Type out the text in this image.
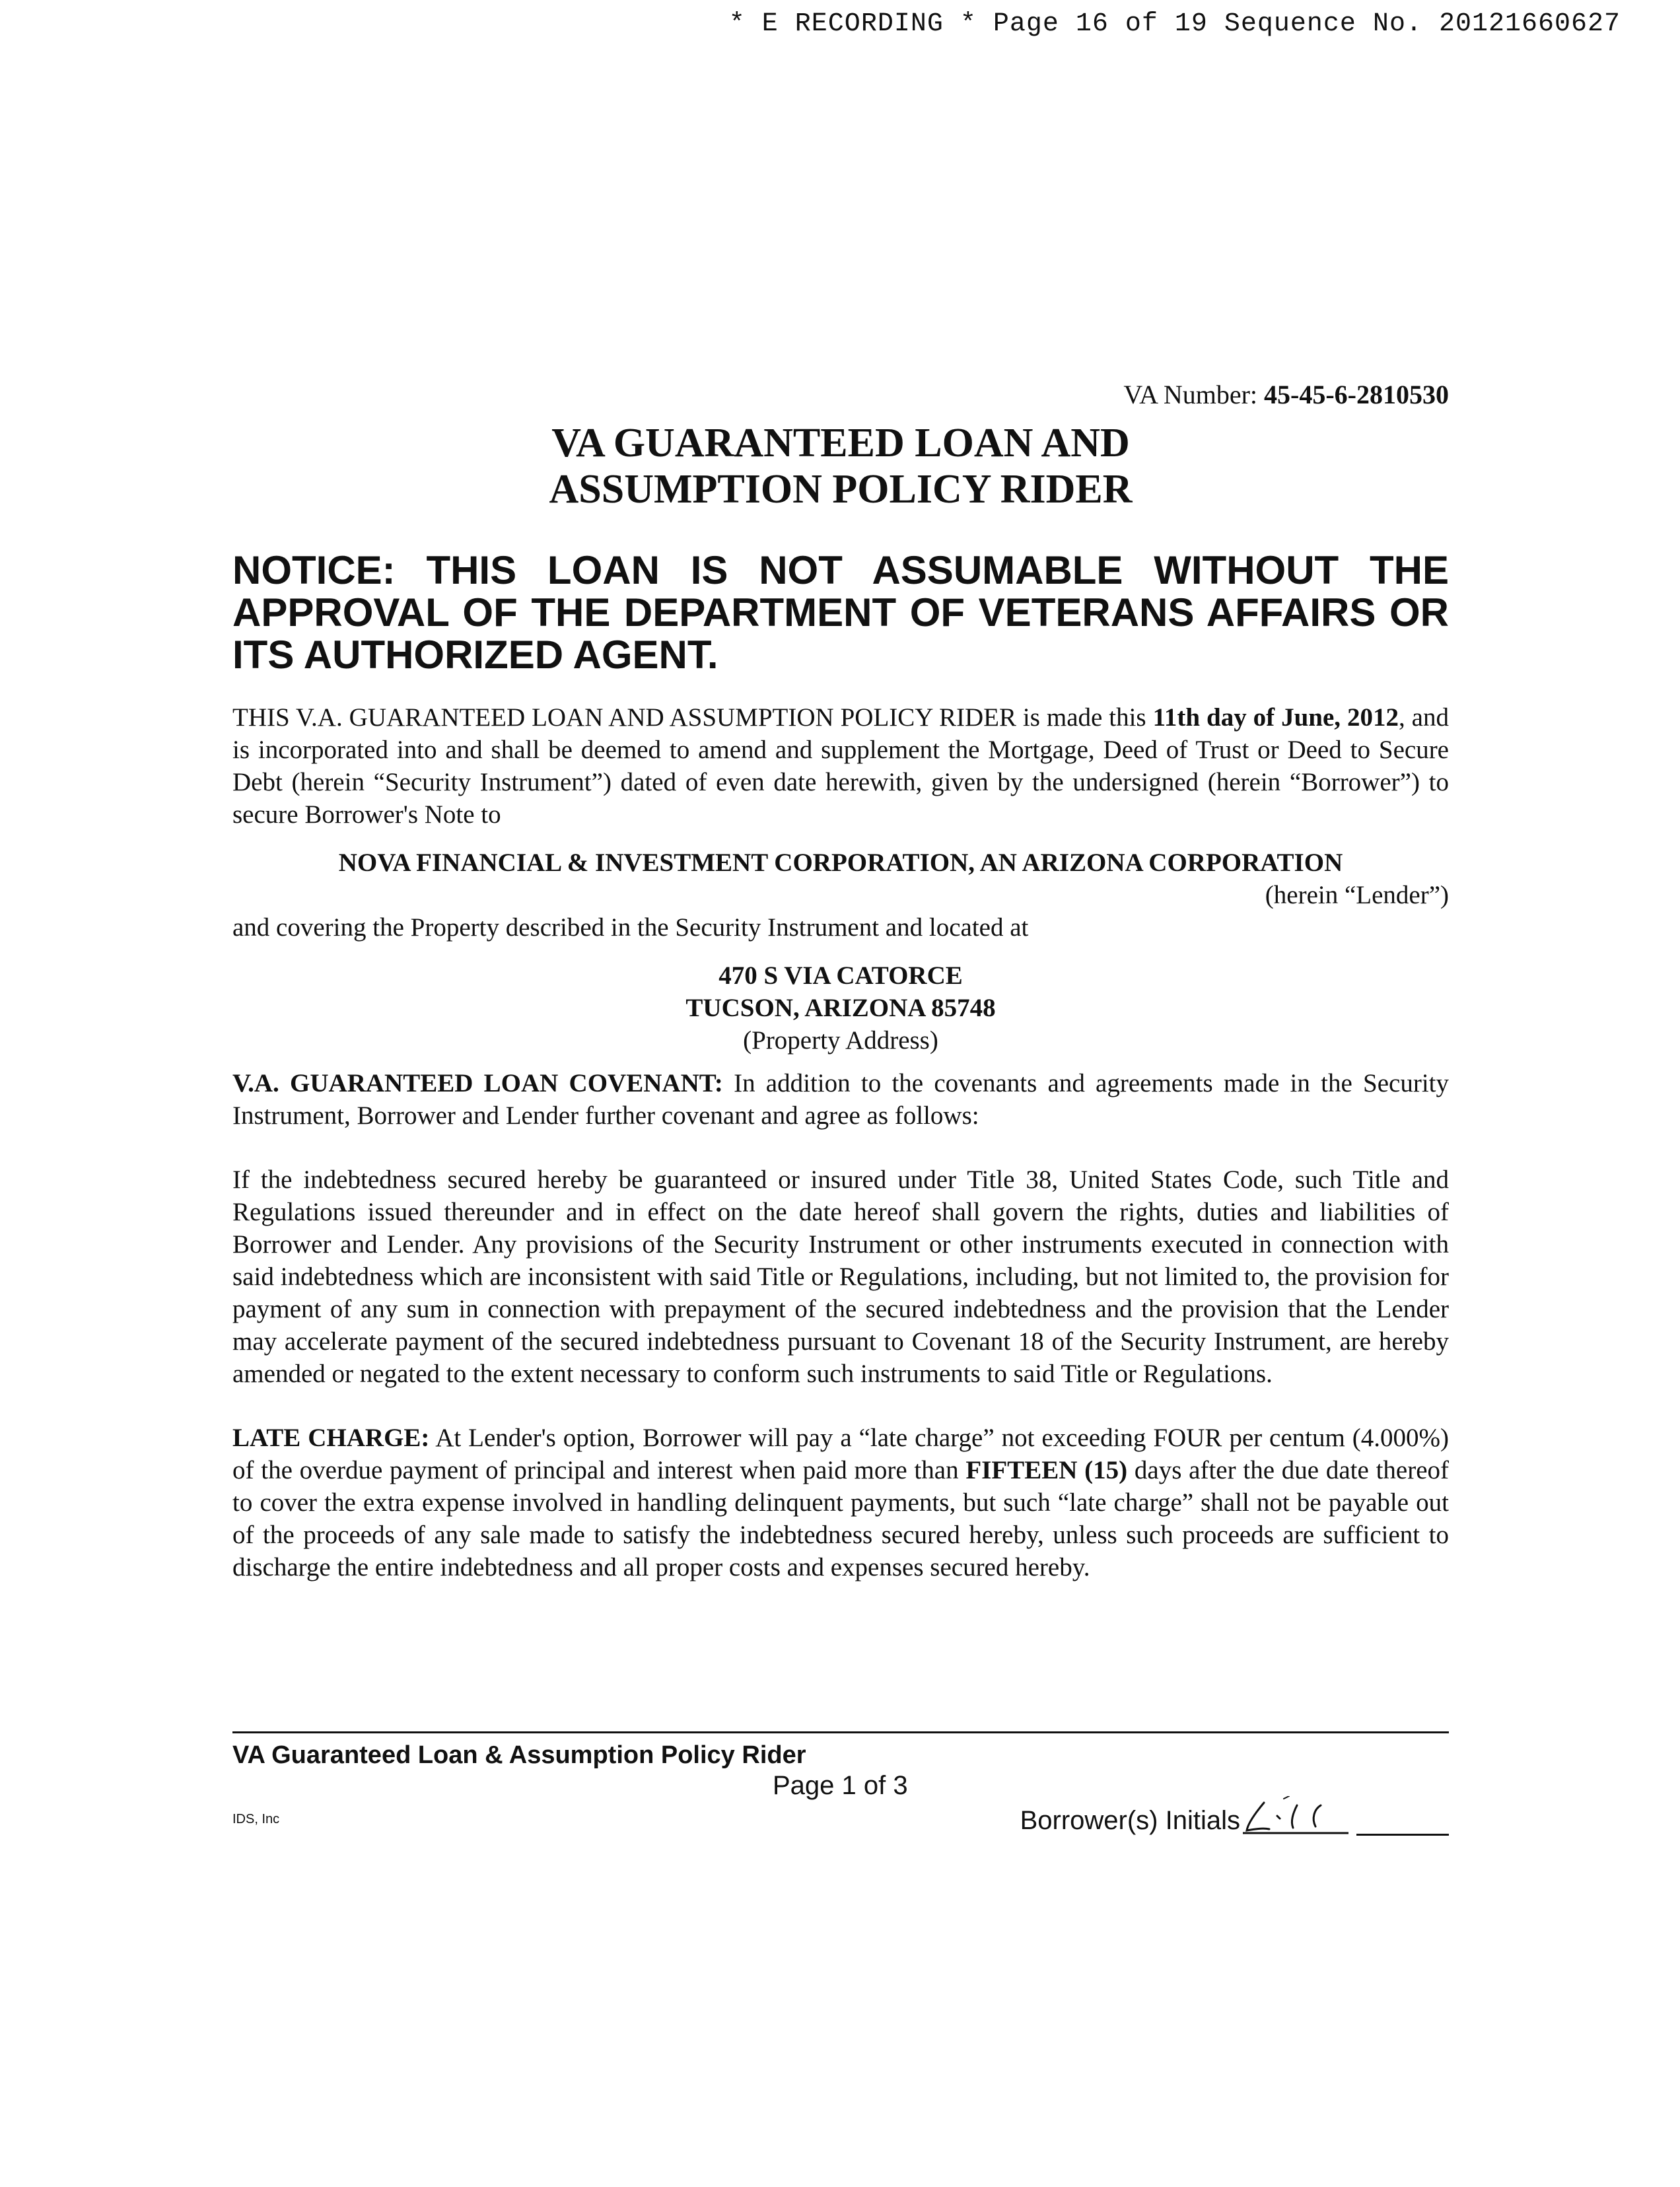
* E RECORDING * Page 16 of 19 Sequence No. 20121660627
VA Number: 45-45-6-2810530
VA GUARANTEED LOAN AND
ASSUMPTION POLICY RIDER
NOTICE: THIS LOAN IS NOT ASSUMABLE WITHOUT THE APPROVAL OF THE DEPARTMENT OF VETERANS AFFAIRS OR ITS AUTHORIZED AGENT.
THIS V.A. GUARANTEED LOAN AND ASSUMPTION POLICY RIDER is made this 11th day of June, 2012, and is incorporated into and shall be deemed to amend and supplement the Mortgage, Deed of Trust or Deed to Secure Debt (herein “Security Instrument”) dated of even date herewith, given by the undersigned (herein “Borrower”) to secure Borrower's Note to
NOVA FINANCIAL & INVESTMENT CORPORATION, AN ARIZONA CORPORATION
(herein “Lender”)
and covering the Property described in the Security Instrument and located at
470 S VIA CATORCE
TUCSON, ARIZONA 85748
(Property Address)
V.A. GUARANTEED LOAN COVENANT: In addition to the covenants and agreements made in the Security Instrument, Borrower and Lender further covenant and agree as follows:
If the indebtedness secured hereby be guaranteed or insured under Title 38, United States Code, such Title and Regulations issued thereunder and in effect on the date hereof shall govern the rights, duties and liabilities of Borrower and Lender. Any provisions of the Security Instrument or other instruments executed in connection with said indebtedness which are inconsistent with said Title or Regulations, including, but not limited to, the provision for payment of any sum in connection with prepayment of the secured indebtedness and the provision that the Lender may accelerate payment of the secured indebtedness pursuant to Covenant 18 of the Security Instrument, are hereby amended or negated to the extent necessary to conform such instruments to said Title or Regulations.
LATE CHARGE: At Lender's option, Borrower will pay a “late charge” not exceeding FOUR per centum (4.000%) of the overdue payment of principal and interest when paid more than FIFTEEN (15) days after the due date thereof to cover the extra expense involved in handling delinquent payments, but such “late charge” shall not be payable out of the proceeds of any sale made to satisfy the indebtedness secured hereby, unless such proceeds are sufficient to discharge the entire indebtedness and all proper costs and expenses secured hereby.
VA Guaranteed Loan & Assumption Policy Rider
Page 1 of 3
IDS, Inc	Borrower(s) Initials
